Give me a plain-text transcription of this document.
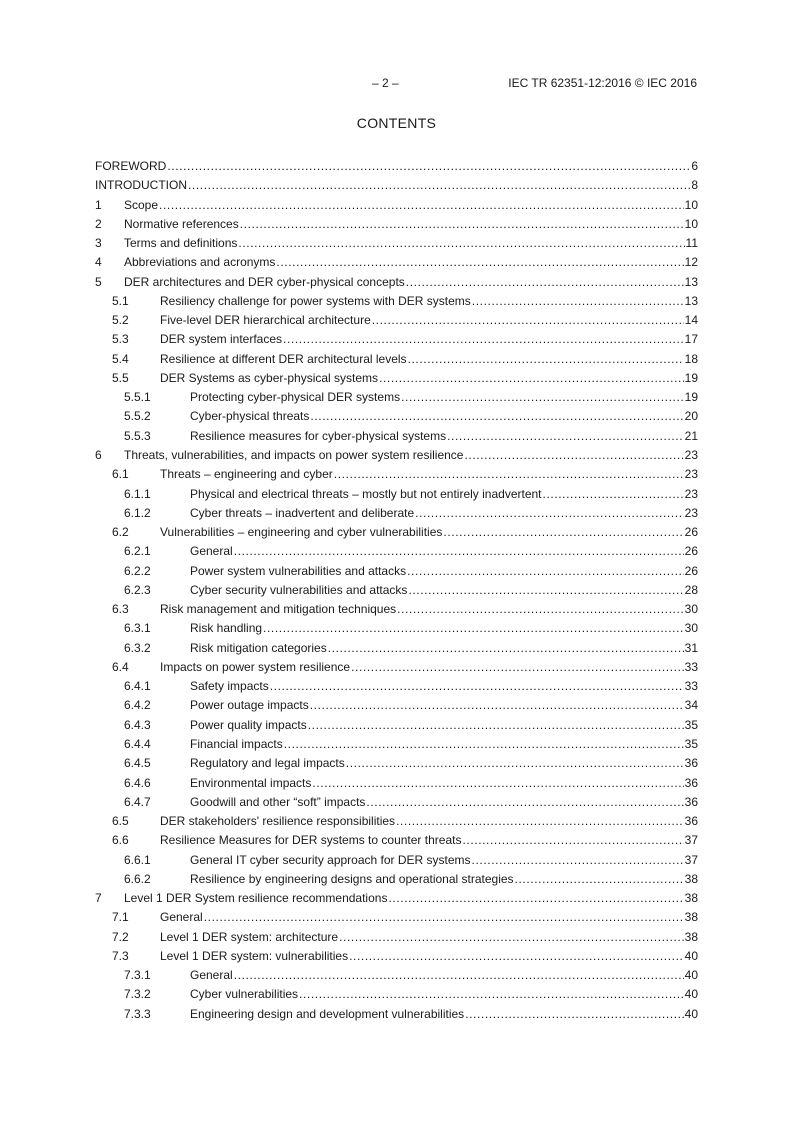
– 2 –	IEC TR 62351-12:2016 © IEC 2016
CONTENTS
FOREWORD .....	6
INTRODUCTION .....	8
1	Scope .....	10
2	Normative references .....	10
3	Terms and definitions .....	11
4	Abbreviations and acronyms .....	12
5	DER architectures and DER cyber-physical concepts .....	13
5.1	Resiliency challenge for power systems with DER systems .....	13
5.2	Five-level DER hierarchical architecture .....	14
5.3	DER system interfaces .....	17
5.4	Resilience at different DER architectural levels .....	18
5.5	DER Systems as cyber-physical systems .....	19
5.5.1	Protecting cyber-physical DER systems .....	19
5.5.2	Cyber-physical threats .....	20
5.5.3	Resilience measures for cyber-physical systems .....	21
6	Threats, vulnerabilities, and impacts on power system resilience .....	23
6.1	Threats – engineering and cyber .....	23
6.1.1	Physical and electrical threats – mostly but not entirely inadvertent .....	23
6.1.2	Cyber threats – inadvertent and deliberate .....	23
6.2	Vulnerabilities – engineering and cyber vulnerabilities .....	26
6.2.1	General .....	26
6.2.2	Power system vulnerabilities and attacks .....	26
6.2.3	Cyber security vulnerabilities and attacks .....	28
6.3	Risk management and mitigation techniques .....	30
6.3.1	Risk handling .....	30
6.3.2	Risk mitigation categories .....	31
6.4	Impacts on power system resilience .....	33
6.4.1	Safety impacts .....	33
6.4.2	Power outage impacts .....	34
6.4.3	Power quality impacts .....	35
6.4.4	Financial impacts .....	35
6.4.5	Regulatory and legal impacts .....	36
6.4.6	Environmental impacts .....	36
6.4.7	Goodwill and other “soft” impacts .....	36
6.5	DER stakeholders' resilience responsibilities .....	36
6.6	Resilience Measures for DER systems to counter threats .....	37
6.6.1	General IT cyber security approach for DER systems .....	37
6.6.2	Resilience by engineering designs and operational strategies .....	38
7	Level 1 DER System resilience recommendations .....	38
7.1	General .....	38
7.2	Level 1 DER system: architecture .....	38
7.3	Level 1 DER system: vulnerabilities .....	40
7.3.1	General .....	40
7.3.2	Cyber vulnerabilities .....	40
7.3.3	Engineering design and development vulnerabilities .....	40
